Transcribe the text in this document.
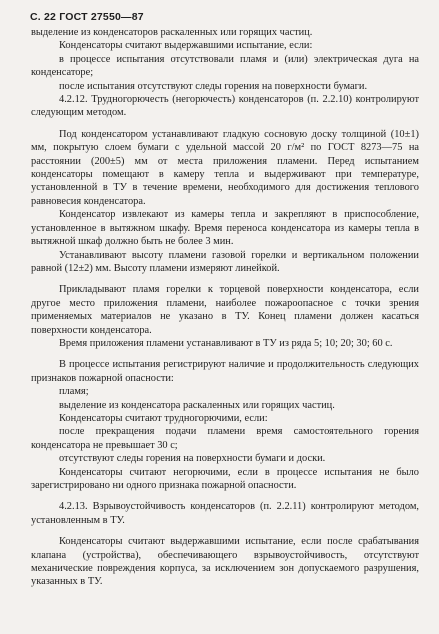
С. 22 ГОСТ 27550—87

выделение из конденсаторов раскаленных или горящих частиц.

Конденсаторы считают выдержавшими испытание, если:

в процессе испытания отсутствовали пламя и (или) электрическая дуга на конденсаторе;

после испытания отсутствуют следы горения на поверхности бумаги.

4.2.12. Трудногорючесть (негорючесть) конденсаторов (п. 2.2.10) контролируют следующим методом.

Под конденсатором устанавливают гладкую сосновую доску толщиной (10±1) мм, покрытую слоем бумаги с удельной массой 20 г/м² по ГОСТ 8273—75 на расстоянии (200±5) мм от места приложения пламени. Перед испытанием конденсаторы помещают в камеру тепла и выдерживают при температуре, установленной в ТУ в течение времени, необходимого для достижения теплового равновесия конденсатора.

Конденсатор извлекают из камеры тепла и закрепляют в приспособление, установленное в вытяжном шкафу. Время переноса конденсатора из камеры тепла в вытяжной шкаф должно быть не более 3 мин.

Устанавливают высоту пламени газовой горелки и вертикальном положении равной (12±2) мм. Высоту пламени измеряют линейкой.

Прикладывают пламя горелки к торцевой поверхности конденсатора, если другое место приложения пламени, наиболее пожароопасное с точки зрения применяемых материалов не указано в ТУ. Конец пламени должен касаться поверхности конденсатора.

Время приложения пламени устанавливают в ТУ из ряда 5; 10; 20; 30; 60 с.

В процессе испытания регистрируют наличие и продолжительность следующих признаков пожарной опасности:

пламя;

выделение из конденсатора раскаленных или горящих частиц.

Конденсаторы считают трудногорючими, если:

после прекращения подачи пламени время самостоятельного горения конденсатора не превышает 30 с;

отсутствуют следы горения на поверхности бумаги и доски.

Конденсаторы считают негорючими, если в процессе испытания не было зарегистрировано ни одного признака пожарной опасности.

4.2.13. Взрывоустойчивость конденсаторов (п. 2.2.11) контролируют методом, установленным в ТУ.

Конденсаторы считают выдержавшими испытание, если после срабатывания клапана (устройства), обеспечивающего взрывоустойчивость, отсутствуют механические повреждения корпуса, за исключением зон допускаемого разрушения, указанных в ТУ.
